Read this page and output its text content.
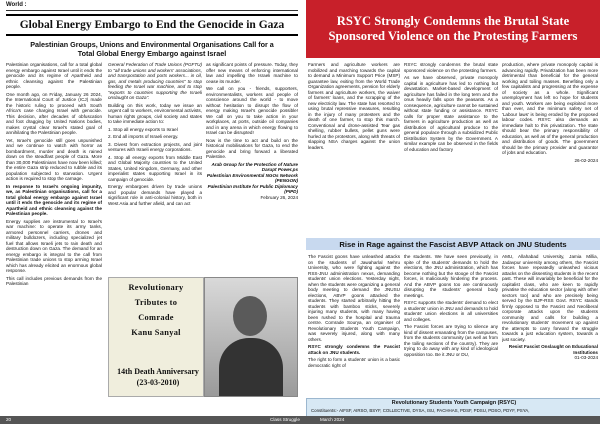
World :
Global Energy Embargo to End the Genocide in Gaza
Palestinian Groups, Unions and Environmental Organisations Call for a
Total Global Energy Embargo against Israel

Palestinian organisations, call for a total global energy embargo against Israel until it ends the genocide and its regime of Apartheid and ethnic cleansing against the Palestinian people.

One month ago, on Friday, January 26 2024, the International Court of Justice (ICJ) made the historic ruling to proceed with South Africa's case charging Israel with genocide. This decision, after decades of obfuscation and foot dragging by United Nations bodies, makes crystal clear Israel's stated goal of annihilating the Palestinian people.

Yet, Israel's genocide still goes unpunished and we continue to watch with horror as bombardment, murder and death is rained down on the steadfast people of Gaza. More than 30,000 Palestinians have now been killed; the entire Gaza strip reduced to rubble and its population subjected to starvation. Urgent action is required to stop the carnage.

In response to Israel's ongoing impunity, we, as Palestinian organisations, call for a total global energy embargo against Israel until it ends the genocide and its regime of Apartheid and ethnic cleansing against the Palestinian people.

Energy supplies are instrumental to Israel's war machine: to operate its army tanks, armored personnel carriers, drones and military bulldozers, including specialized jet fuel that allows Israeli jets to rain death and destruction down on Gaza. The demand for an energy embargo is integral to the call from Palestinian trade unions to stop arming Israel which has already elicited an enormous global response.

This call includes previous demands from the Palestinian

General Federation of Trade Unions (PGFTU) to "all trade unions and workers' associations, and transportation and ports workers... in oil, gas, and metals producing countries" to stop feeding the Israel war machine, and to stop "exports to countries supporting the Israeli onslaught on Gaza".

Building on this work, today we issue an urgent call to workers, environmental activists, human rights groups, civil society and states to take immediate action to:

1. Stop all energy exports to Israel

2. End all imports of Israeli energy.

3. Divest from extraction projects, and joint ventures with Israeli energy corporations.

4. Stop all energy exports from Middle East and Global Majority countries to the United States, United Kingdom, Germany, and other imperialist states supporting Israel in its campaign of genocide.

Energy embargoes driven by trade unions and popular demands have played a significant role in anti-colonial history, both in West Asia and further afield, and can act

as significant points of pressure. Today, they offer new means of enforcing international law and impelling the Israeli machine to cease its murder.

We call on you - friends, supporters, environmentalists, workers and people of conscience around the world - to move without hesitation to disrupt the flow of energy making Israel's genocide possible! We call on you to take action in your workplaces, at ports, outside oil companies and in any arena in which energy flowing to Israel can be disrupted!

Now is the time to act and build on the historical mobilisations for Gaza, to end the genocide and bring forward a liberated Palestine.

Arab Group for the Protection of Nature

Darupt Power.ps

Palestinian Environmental NGOs Network (PENGON)

Palestinian Institute for Public Diplomacy (PIPD)

February 26, 2024

Revolutionary
Tributes to
Comrade
Kanu Sanyal
14th Death Anniversary
(23-03-2010)
RSYC Strongly Condemns the Brutal State
Sponsored Violence on the Protesting Farmers

Farmers and agriculture workers are mobilized and marching towards the capital to demand a Minimum Support Price (MSP) guarantee law, exiting from the World Trade Organization agreements, pension for elderly farmers and agriculture workers, the waiver of farmers' loans, and the scrapping of the new electricity law. The state has resorted to using brutal repressive measures, resulting in the injury of many protesters and the death of one farmer, to stop this march. Conventional and drone-assisted Tear gas shelling, rubber bullets, pellet guns were hurled at the protestors, along with threats of slapping NSA charges against the union leaders.

RSYC strongly condemns the brutal state sponsored violence on the protesting farmers.

As we have observed, private monopoly capital in agriculture has led to nothing but devastation. Market-based development of agriculture has failed in the long term and the onus heavily falls upon the peasants. As a consequence, agriculture cannot be sustained without state funding or assistance. RSYC calls for proper state assistance to the farmers in agriculture production as well as distribution of agricultural produce to the general populace through a subsidized Public Distribution System by the Government. A similar example can be observed in the fields of education and factory

production, where private monopoly capital is advancing rapidly. Privatization has been more detrimental than beneficial for the general working and toiling masses. Benefiting only a few capitalists and progressing at the expense of society as a whole. Significant unemployment has left no hope for students and youth. Workers are being exploited more than ever, and the minimum safety net of 'Labour laws' is being eroded by the proposed labour codes. RSYC also demands an immediate halt to this privatization. The state should bear the primary responsibility of education, as well as of the general production and distribution of goods. The government should be the primary provider and guarantor of jobs and education.

26-02-2024

Rise in Rage against the Fascist ABVP Attack on JNU Students

The Fascist goons have unleashed attacks on the students of Jawaharlal Nehru University, who were fighting against the RSS-JNU administration nexus, demanding students' union elections. Yesterday night, when the students were organizing a general body meeting to demand the JNUSU elections, ABVP goons attacked the students. They started arbitrarily hitting the students with bamboo sticks, severely injuring many students, with many having been rushed to the hospital and trauma centre. Comrade Sourya, an organiser of Revolutionary Students Youth Campaign, was severely injured, along with many others.

RSYC strongly condemns the Fascist attack on JNU students.

The right to form a students' union is a basic democratic right of

the students. We have seen previously, in spite of the students' demands to hold the elections, the JNU administration, which has become nothing but the stooge of the Fascist forces, is maliciously hindering the process. And the ABVP goons too are continuously disrupting the students' general body meetings.

RSYC supports the students' demand to elect a students' union in JNU and demands to hold students' union elections in all universities and colleges.

The Fascist forces are trying to silence any kind of dissent emanating from the campuses, from the students community (as well as from the toiling sections of the country). They are trying to do away with any kind of ideological opposition too. Be it JNU or DU,

AMU, Allahabad University, Jamia Millia, Jadavpur university among others, the Fascist forces have repeatedly unleashed vicious attacks on the dissenting students in the recent past. These will invariably be beneficial for the capitalist class, who are keen to rapidly privatise the education sector (along with other sectors too) and who are precisely being served by the BJP-RSS Govt. RSYC stands firmly opposed to the Fascist and Neoliberal corporate attacks upon the students community and calls for building a revolutionary students' movement up against the attempts to carry forward the struggle towards a just education system, towards a just society.

Resist Fascist Onslaught on Educational Institutions

01-03-2024

Revolutionary Students Youth Campaign (RSYC)
Constituents:- AIFSF, AIRSO, BSYF, COLLECTIVE, DYSA, ISU, PACHHAS, PDSF, PDSU, PDSO, PDYF, PSYA,
20	Class Struggle	March 2024
